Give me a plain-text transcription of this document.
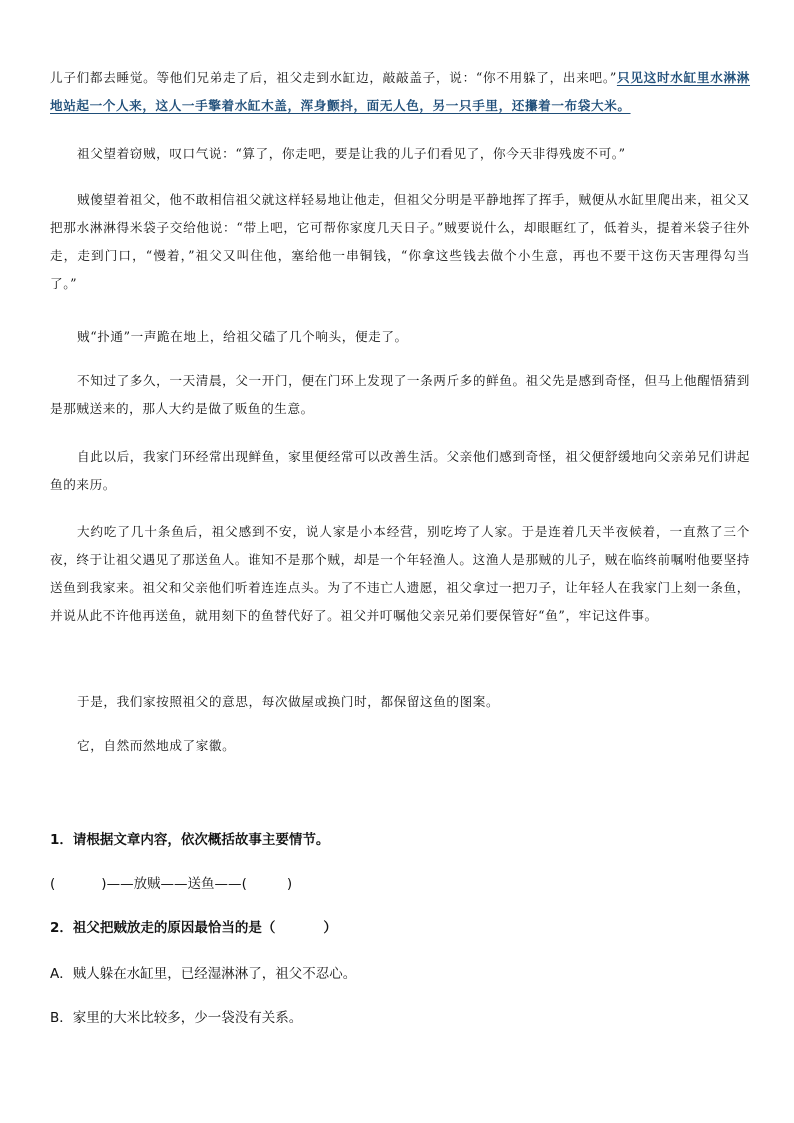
儿子们都去睡觉。等他们兄弟走了后，祖父走到水缸边，敲敲盖子，说：“你不用躲了，出来吧。”只见这时水缸里水淋淋地站起一个人来，这人一手擎着水缸木盖，浑身颤抖，面无人色，另一只手里，还攥着一布袋大米。

祖父望着窃贼，叹口气说：“算了，你走吧，要是让我的儿子们看见了，你今天非得残废不可。”

贼傻望着祖父，他不敢相信祖父就这样轻易地让他走，但祖父分明是平静地挥了挥手，贼便从水缸里爬出来，祖父又把那水淋淋得米袋子交给他说：“带上吧，它可帮你家度几天日子。”贼要说什么，却眼眶红了，低着头，提着米袋子往外走，走到门口，“慢着，”祖父又叫住他，塞给他一串铜钱，“你拿这些钱去做个小生意，再也不要干这伤天害理得勾当了。”

贼“扑通”一声跪在地上，给祖父磕了几个响头，便走了。

不知过了多久，一天清晨，父一开门，便在门环上发现了一条两斤多的鲜鱼。祖父先是感到奇怪，但马上他醒悟猜到是那贼送来的，那人大约是做了贩鱼的生意。

自此以后，我家门环经常出现鲜鱼，家里便经常可以改善生活。父亲他们感到奇怪，祖父便舒缓地向父亲弟兄们讲起鱼的来历。

大约吃了几十条鱼后，祖父感到不安，说人家是小本经营，别吃垮了人家。于是连着几天半夜候着，一直熬了三个夜，终于让祖父遇见了那送鱼人。谁知不是那个贼，却是一个年轻渔人。这渔人是那贼的儿子，贼在临终前嘱咐他要坚持送鱼到我家来。祖父和父亲他们听着连连点头。为了不违亡人遗愿，祖父拿过一把刀子，让年轻人在我家门上刻一条鱼，并说从此不许他再送鱼，就用刻下的鱼替代好了。祖父并叮嘱他父亲兄弟们要保管好“鱼”，牢记这件事。

于是，我们家按照祖父的意思，每次做屋或换门时，都保留这鱼的图案。

它，自然而然地成了家徽。

1．请根据文章内容，依次概括故事主要情节。
(	)——放贼——送鱼——(	)
2．祖父把贼放走的原因最恰当的是（	）
A．贼人躲在水缸里，已经湿淋淋了，祖父不忍心。
B．家里的大米比较多，少一袋没有关系。
